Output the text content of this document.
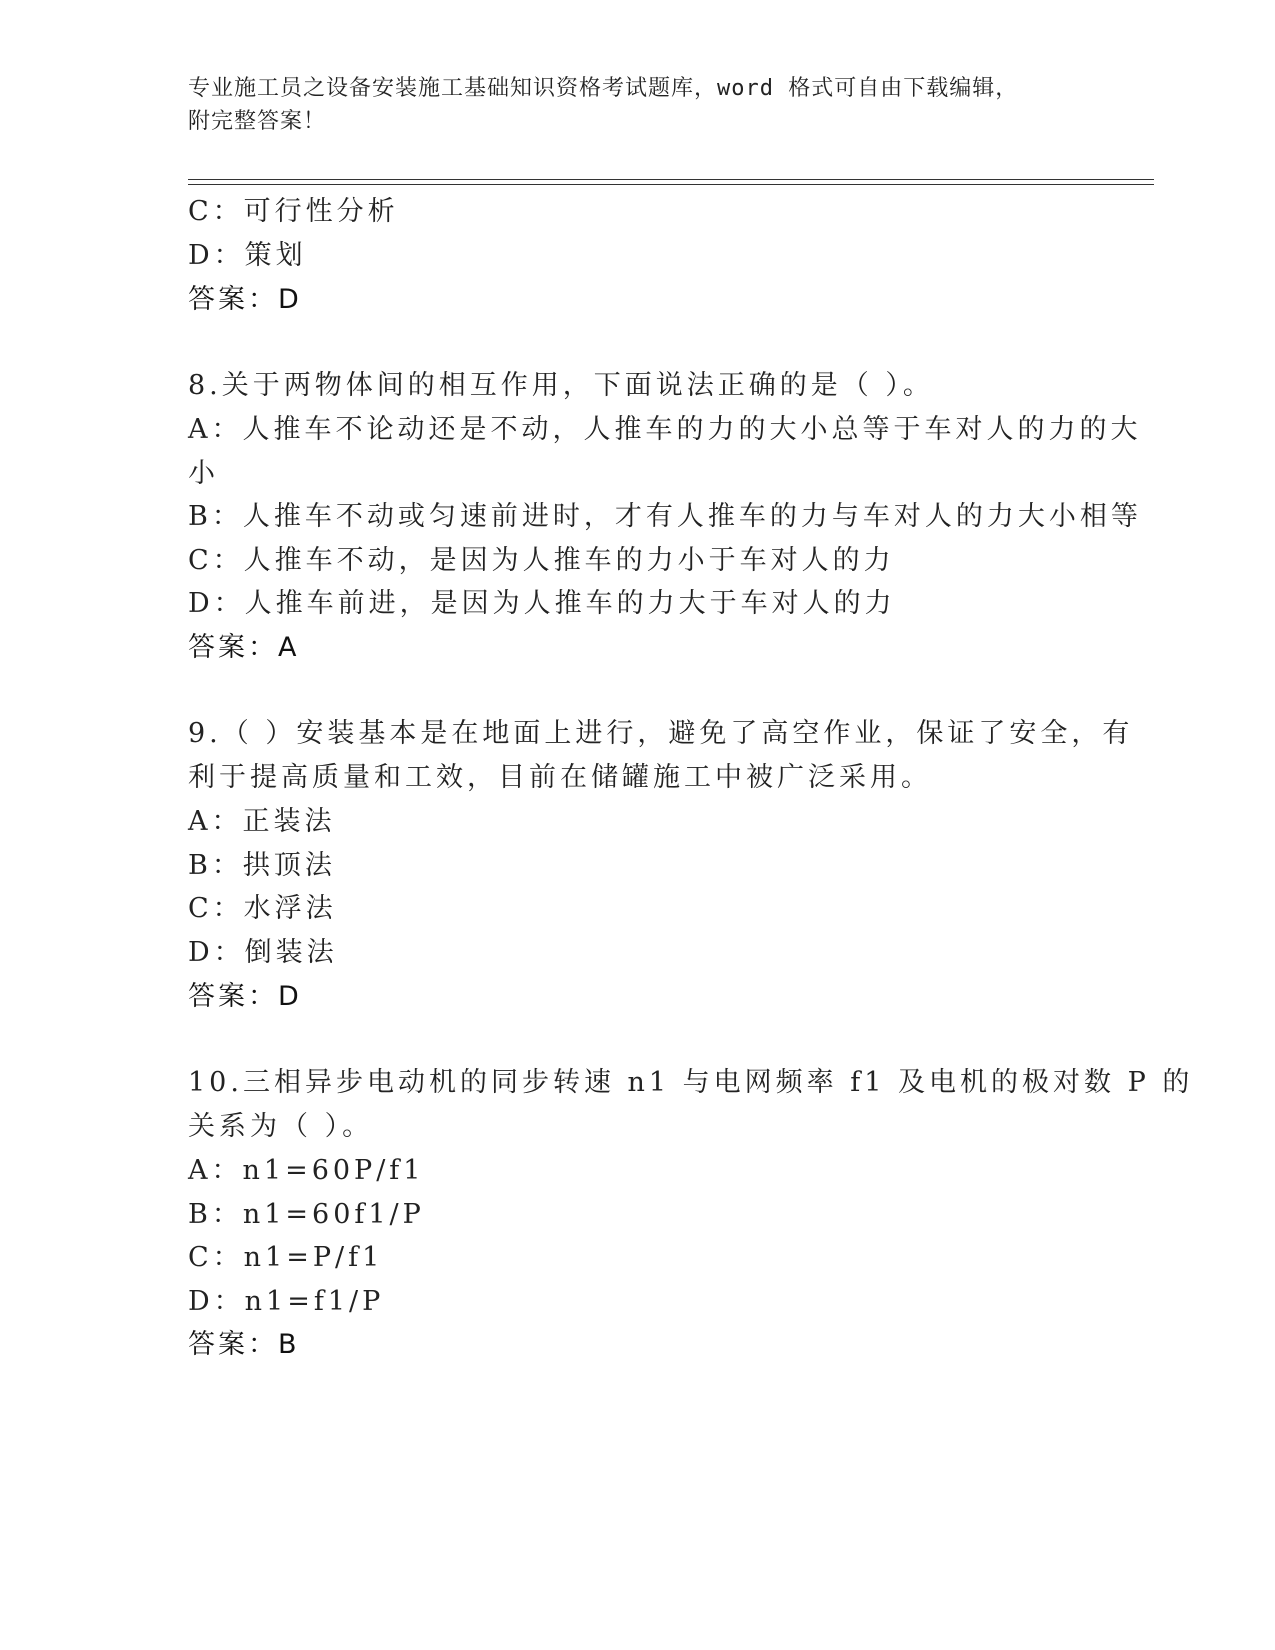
专业施工员之设备安装施工基础知识资格考试题库，word 格式可自由下载编辑，
附完整答案！
C：可行性分析
D：策划
答案：D
8.关于两物体间的相互作用，下面说法正确的是（ ）。
A：人推车不论动还是不动，人推车的力的大小总等于车对人的力的大
小
B：人推车不动或匀速前进时，才有人推车的力与车对人的力大小相等
C：人推车不动，是因为人推车的力小于车对人的力
D：人推车前进，是因为人推车的力大于车对人的力
答案：A
9.（ ）安装基本是在地面上进行，避免了高空作业，保证了安全，有
利于提高质量和工效，目前在储罐施工中被广泛采用。
A：正装法
B：拱顶法
C：水浮法
D：倒装法
答案：D
10.三相异步电动机的同步转速 n1 与电网频率 f1 及电机的极对数 P 的
关系为（ ）。
A：n1=60P/f1
B：n1=60f1/P
C：n1=P/f1
D：n1=f1/P
答案：B
